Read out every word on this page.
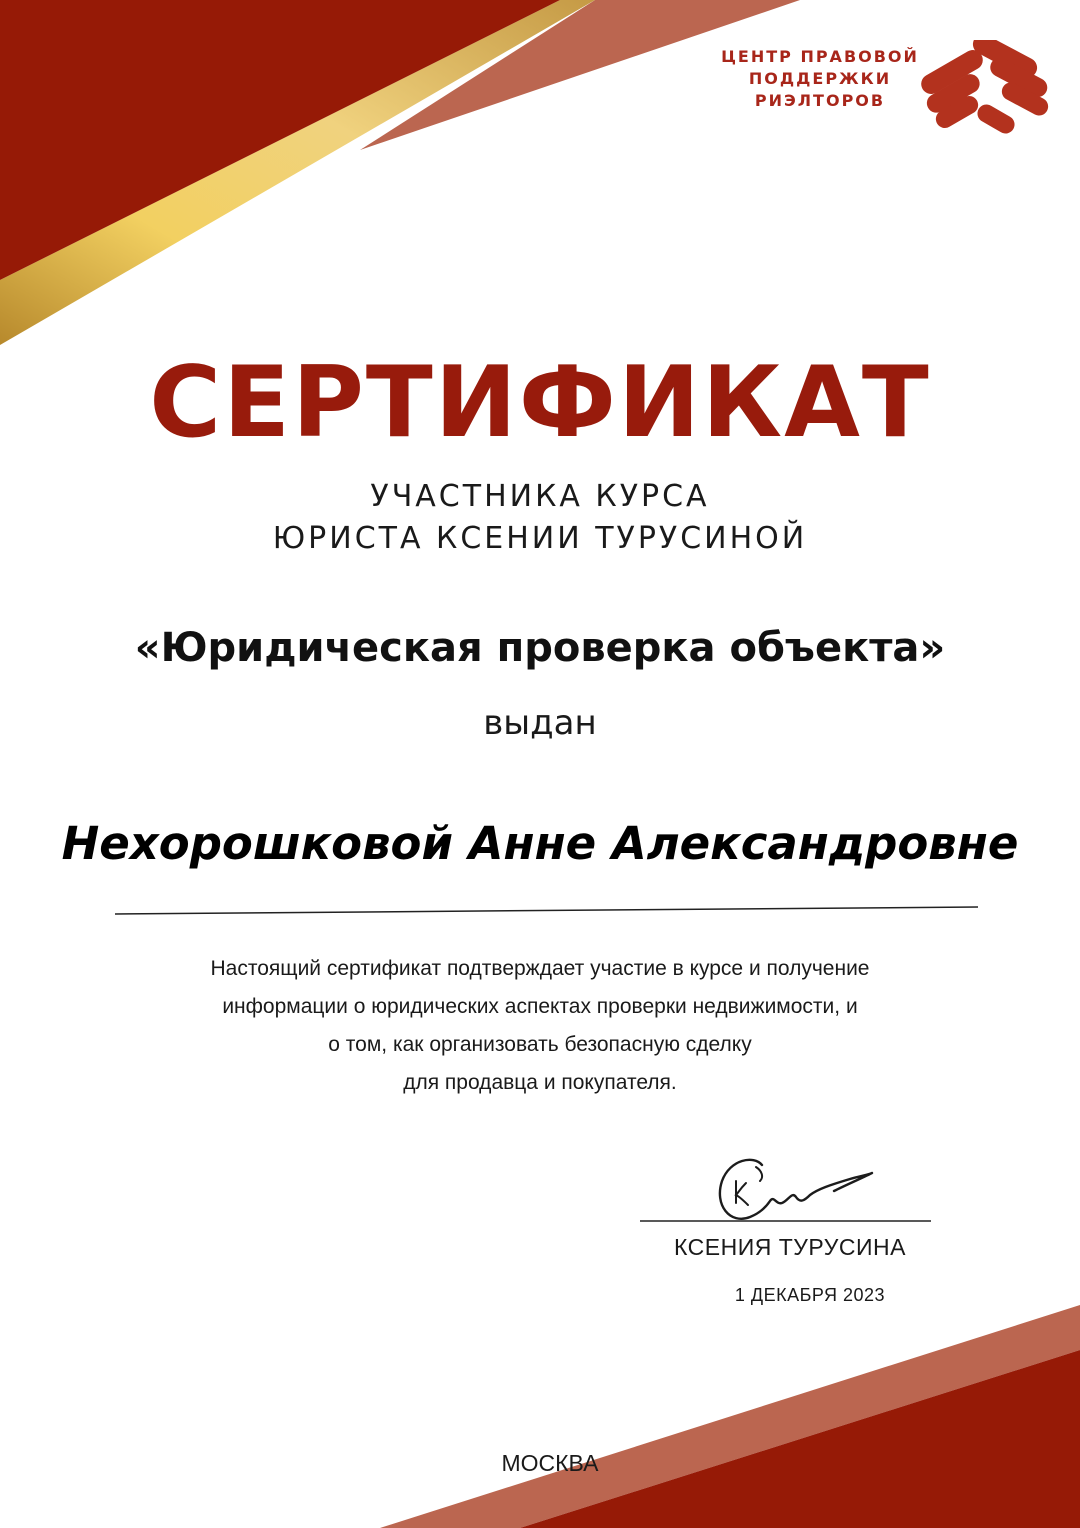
ЦЕНТР ПРАВОВОЙ
ПОДДЕРЖКИ
РИЭЛТОРОВ
СЕРТИФИКАТ
УЧАСТНИКА КУРСА
ЮРИСТА КСЕНИИ ТУРУСИНОЙ
«Юридическая проверка объекта»
выдан
Нехорошковой Анне Александровне
Настоящий сертификат подтверждает участие в курсе и получение
информации о юридических аспектах проверки недвижимости, и
о том, как организовать безопасную сделку
для продавца и покупателя.
КСЕНИЯ ТУРУСИНА
1 ДЕКАБРЯ 2023
МОСКВА
